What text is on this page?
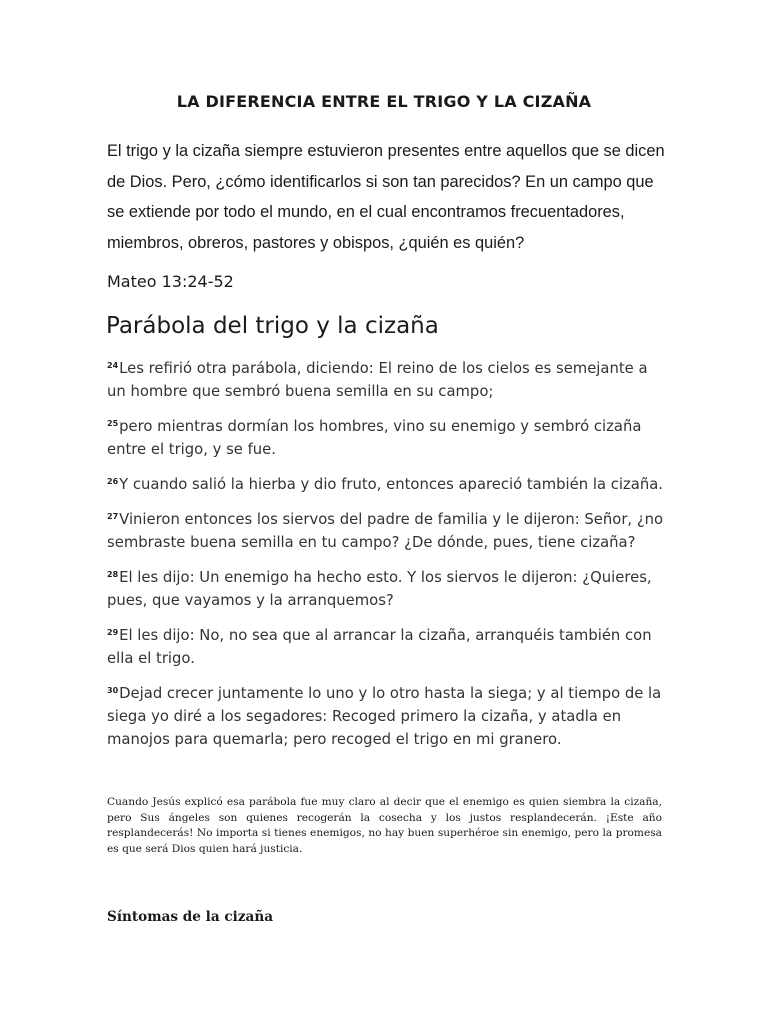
LA DIFERENCIA ENTRE EL TRIGO Y LA CIZAÑA

El trigo y la cizaña siempre estuvieron presentes entre aquellos que se dicen de Dios. Pero, ¿cómo identificarlos si son tan parecidos? En un campo que se extiende por todo el mundo, en el cual encontramos frecuentadores, miembros, obreros, pastores y obispos, ¿quién es quién?

Mateo 13:24-52

Parábola del trigo y la cizaña

$^{24}$Les refirió otra parábola, diciendo: El reino de los cielos es semejante a un hombre que sembró buena semilla en su campo;

$^{25}$pero mientras dormían los hombres, vino su enemigo y sembró cizaña entre el trigo, y se fue.

$^{26}$Y cuando salió la hierba y dio fruto, entonces apareció también la cizaña.

$^{27}$Vinieron entonces los siervos del padre de familia y le dijeron: Señor, ¿no sembraste buena semilla en tu campo? ¿De dónde, pues, tiene cizaña?

$^{28}$El les dijo: Un enemigo ha hecho esto. Y los siervos le dijeron: ¿Quieres, pues, que vayamos y la arranquemos?

$^{29}$El les dijo: No, no sea que al arrancar la cizaña, arranquéis también con ella el trigo.

$^{30}$Dejad crecer juntamente lo uno y lo otro hasta la siega; y al tiempo de la siega yo diré a los segadores: Recoged primero la cizaña, y atadla en manojos para quemarla; pero recoged el trigo en mi granero.

Cuando Jesús explicó esa parábola fue muy claro al decir que el enemigo es quien siembra la cizaña, pero Sus ángeles son quienes recogerán la cosecha y los justos resplandecerán. ¡Este año resplandecerás! No importa si tienes enemigos, no hay buen superhéroe sin enemigo, pero la promesa es que será Dios quien hará justicia.

Síntomas de la cizaña
